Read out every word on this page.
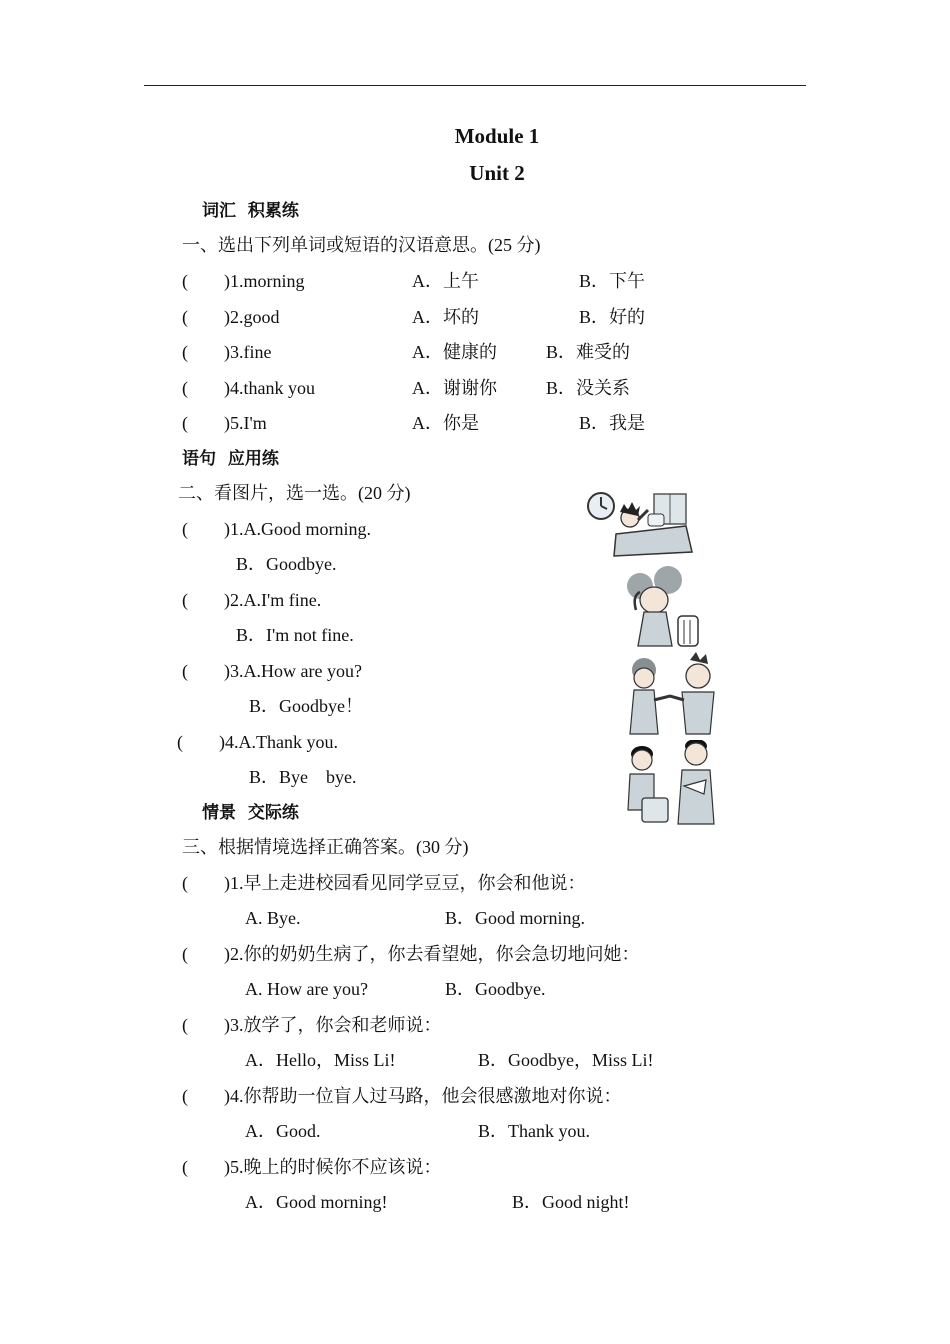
Module 1
Unit 2
词汇  积累练
一、选出下列单词或短语的汉语意思。(25 分)
(        )1.morning	A．上午	B．下午
(        )2.good	A．坏的	B．好的
(        )3.fine	A．健康的	B．难受的
(        )4.thank you	A．谢谢你	B．没关系
(        )5.I'm	A．你是	B．我是
语句  应用练
二、看图片，选一选。(20 分)
(        )1.A.Good morning.
B．Goodbye.
(        )2.A.I'm fine.
B．I'm not fine.
(        )3.A.How are you?
B．Goodbye！
(        )4.A.Thank you.
B．Bye    bye.
情景  交际练
三、根据情境选择正确答案。(30 分)
(        )1.早上走进校园看见同学豆豆，你会和他说：
A. Bye.	B．Good morning.
(        )2.你的奶奶生病了，你去看望她，你会急切地问她：
A. How are you?	B．Goodbye.
(        )3.放学了，你会和老师说：
A．Hello，Miss Li!	B．Goodbye，Miss Li!
(        )4.你帮助一位盲人过马路，他会很感激地对你说：
A．Good.	B．Thank you.
(        )5.晚上的时候你不应该说：
A．Good morning!	B．Good night!
